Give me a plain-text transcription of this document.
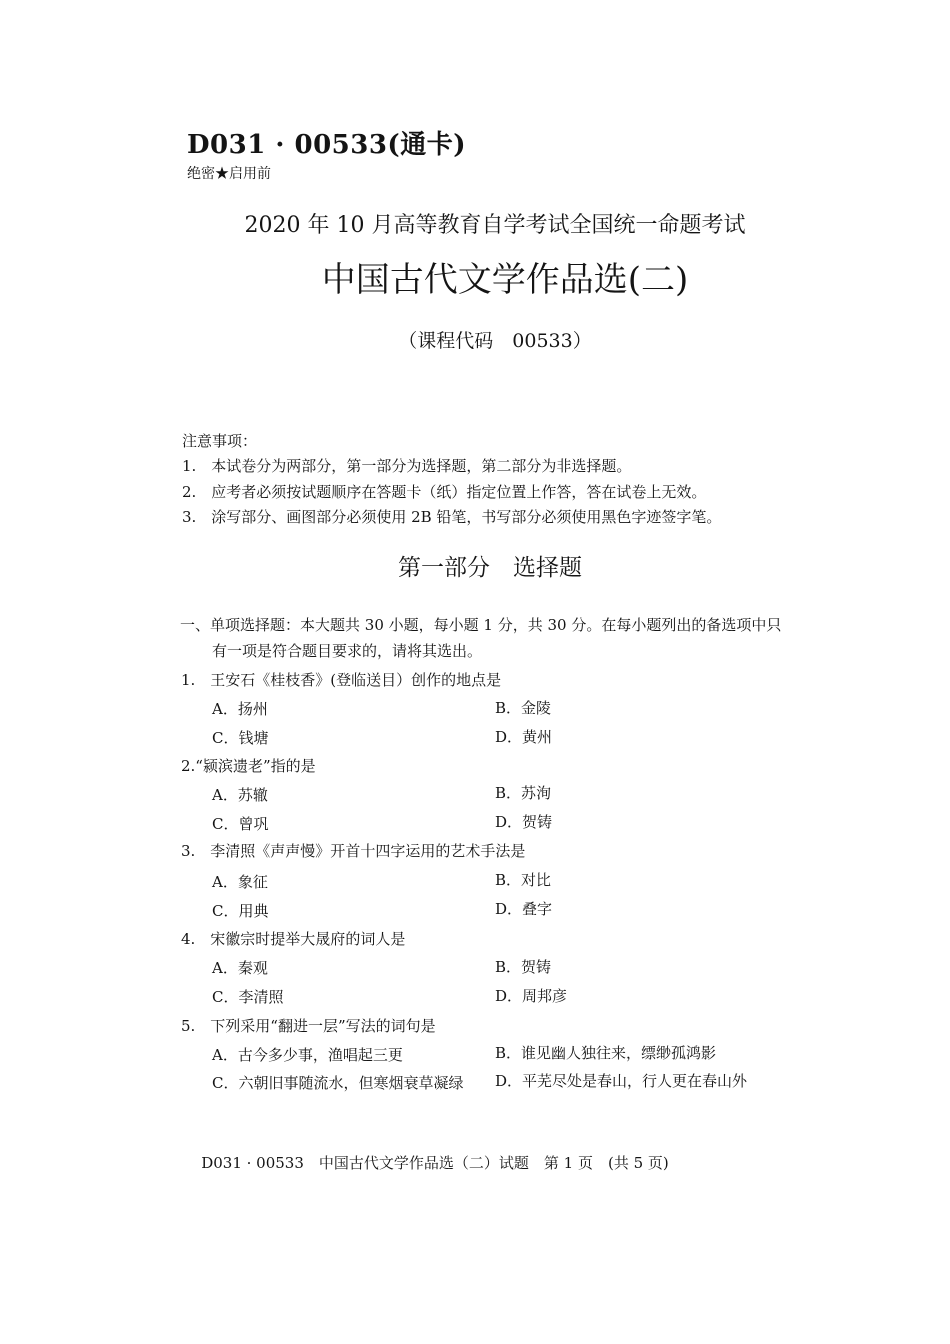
D031 · 00533(通卡)
绝密★启用前
2020 年 10 月高等教育自学考试全国统一命题考试
中国古代文学作品选(二)
（课程代码　00533）
注意事项：
1.　本试卷分为两部分，第一部分为选择题，第二部分为非选择题。
2.　应考者必须按试题顺序在答题卡（纸）指定位置上作答，答在试卷上无效。
3.　涂写部分、画图部分必须使用 2B 铅笔，书写部分必须使用黑色字迹签字笔。
第一部分　选择题
一、单项选择题：本大题共 30 小题，每小题 1 分，共 30 分。在每小题列出的备选项中只
有一项是符合题目要求的，请将其选出。
1.　王安石《桂枝香》(登临送目）创作的地点是
A．扬州	B．金陵
C．钱塘	D．黄州
2.“颍滨遗老”指的是
A．苏辙	B．苏洵
C．曾巩	D．贺铸
3.　李清照《声声慢》开首十四字运用的艺术手法是
A．象征	B．对比
C．用典	D．叠字
4.　宋徽宗时提举大晟府的词人是
A．秦观	B．贺铸
C．李清照	D．周邦彦
5.　下列采用“翻进一层”写法的词句是
A．古今多少事，渔唱起三更	B．谁见幽人独往来，缥缈孤鸿影
C．六朝旧事随流水，但寒烟衰草凝绿 D．平芜尽处是春山，行人更在春山外
D031 · 00533　中国古代文学作品选（二）试题　第 1 页　(共 5 页)
